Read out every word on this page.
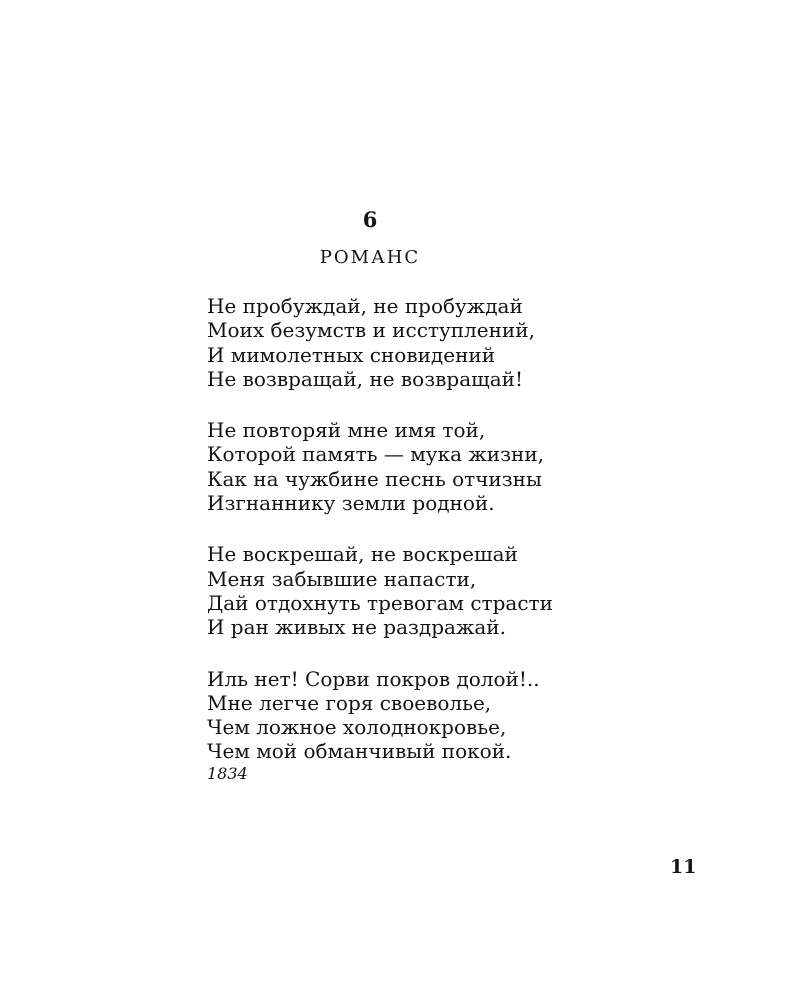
6
РОМАНС
Не пробуждай, не пробуждай
Моих безумств и исступлений,
И мимолетных сновидений
Не возвращай, не возвращай!
Не повторяй мне имя той,
Которой память — мука жизни,
Как на чужбине песнь отчизны
Изгнаннику земли родной.
Не воскрешай, не воскрешай
Меня забывшие напасти,
Дай отдохнуть тревогам страсти
И ран живых не раздражай.
Иль нет! Сорви покров долой!..
Мне легче горя своеволье,
Чем ложное холоднокровье,
Чем мой обманчивый покой.
1834
11
